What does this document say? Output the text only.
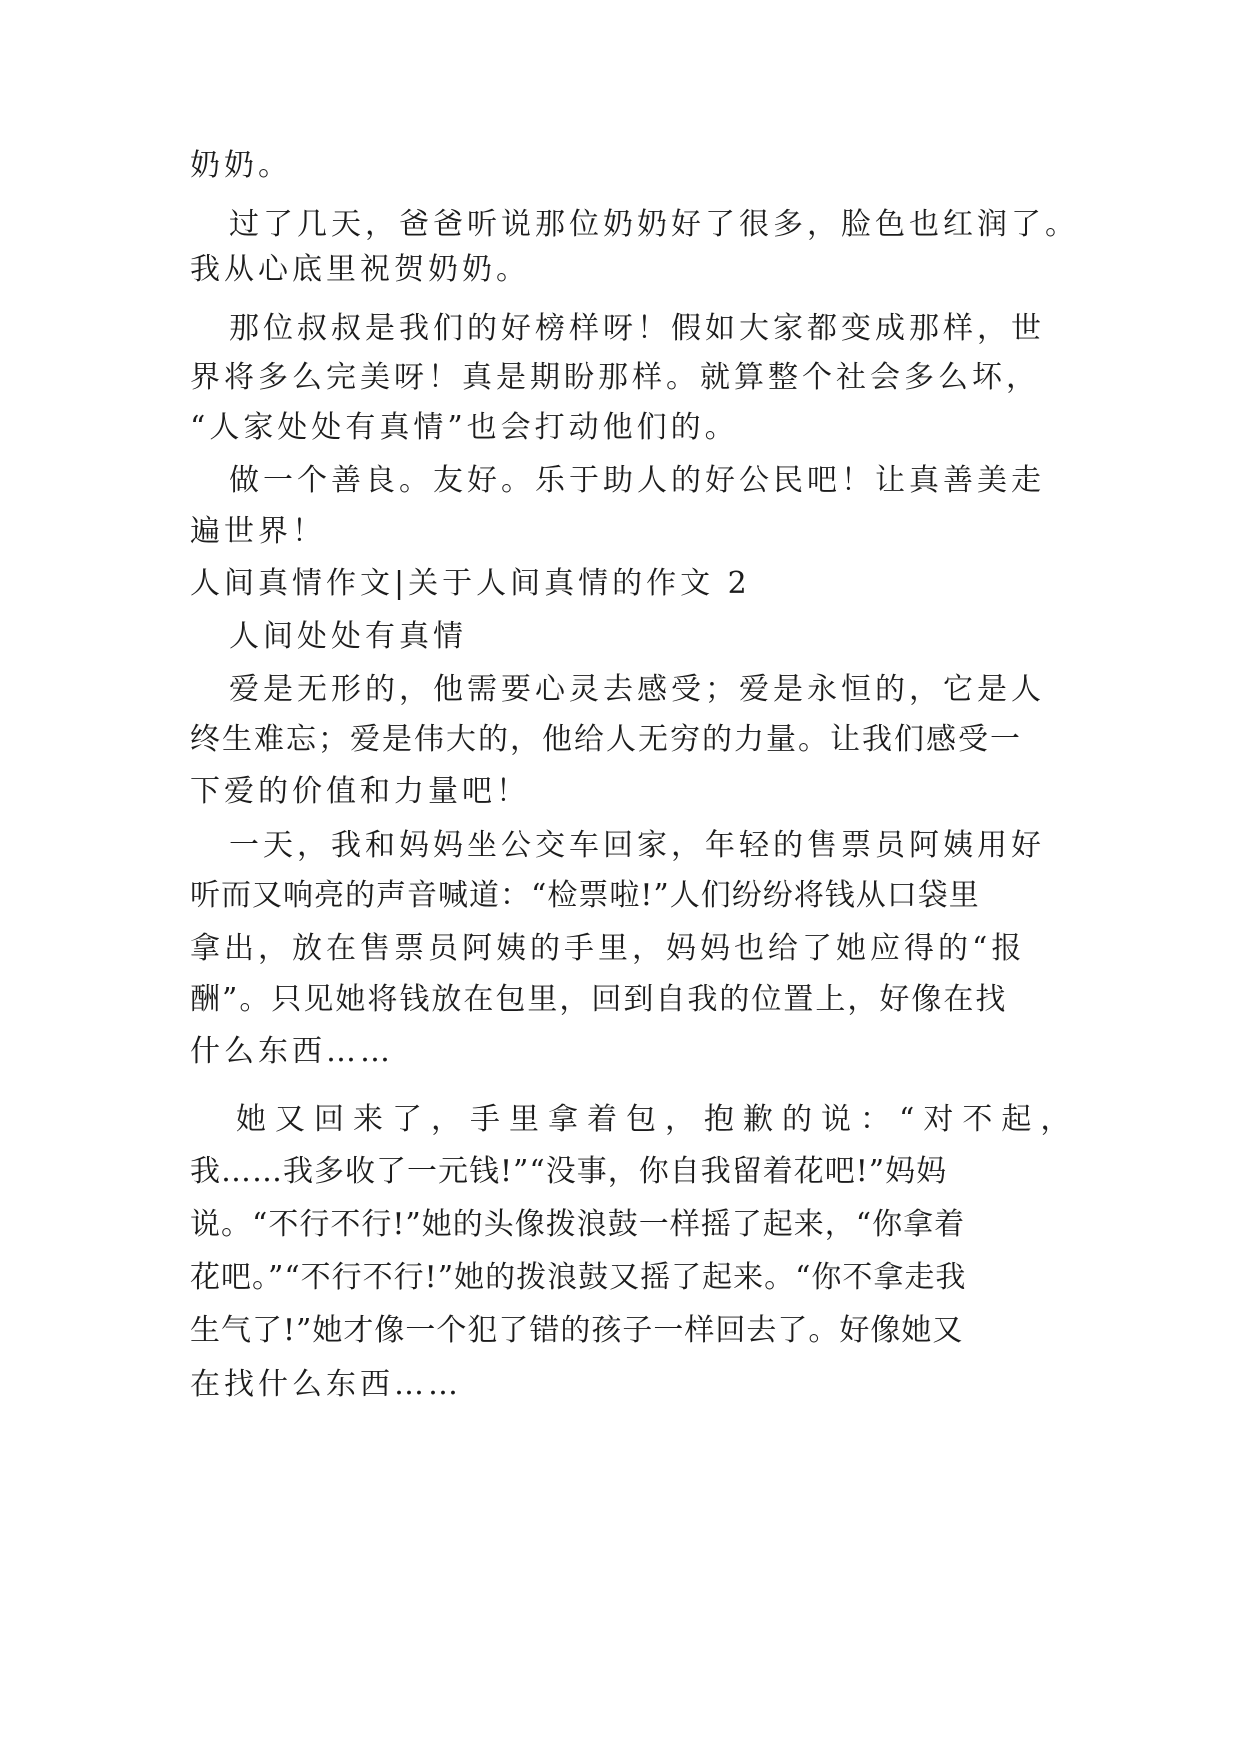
奶奶。
过了几天，爸爸听说那位奶奶好了很多，脸色也红润了。
我从心底里祝贺奶奶。
那位叔叔是我们的好榜样呀！假如大家都变成那样，世
界将多么完美呀！真是期盼那样。就算整个社会多么坏，
“人家处处有真情”也会打动他们的。
做一个善良。友好。乐于助人的好公民吧！让真善美走
遍世界！
人间真情作文|关于人间真情的作文 2
人间处处有真情
爱是无形的，他需要心灵去感受；爱是永恒的，它是人
终生难忘；爱是伟大的，他给人无穷的力量。让我们感受一
下爱的价值和力量吧！
一天，我和妈妈坐公交车回家，年轻的售票员阿姨用好
听而又响亮的声音喊道：“检票啦!”人们纷纷将钱从口袋里
拿出，放在售票员阿姨的手里，妈妈也给了她应得的“报
酬”。只见她将钱放在包里，回到自我的位置上，好像在找
什么东西……
她又回来了，手里拿着包，抱歉的说：“对不起，
我……我多收了一元钱!”“没事，你自我留着花吧!”妈妈
说。“不行不行!”她的头像拨浪鼓一样摇了起来，“你拿着
花吧。”“不行不行!”她的拨浪鼓又摇了起来。“你不拿走我
生气了!”她才像一个犯了错的孩子一样回去了。好像她又
在找什么东西……
